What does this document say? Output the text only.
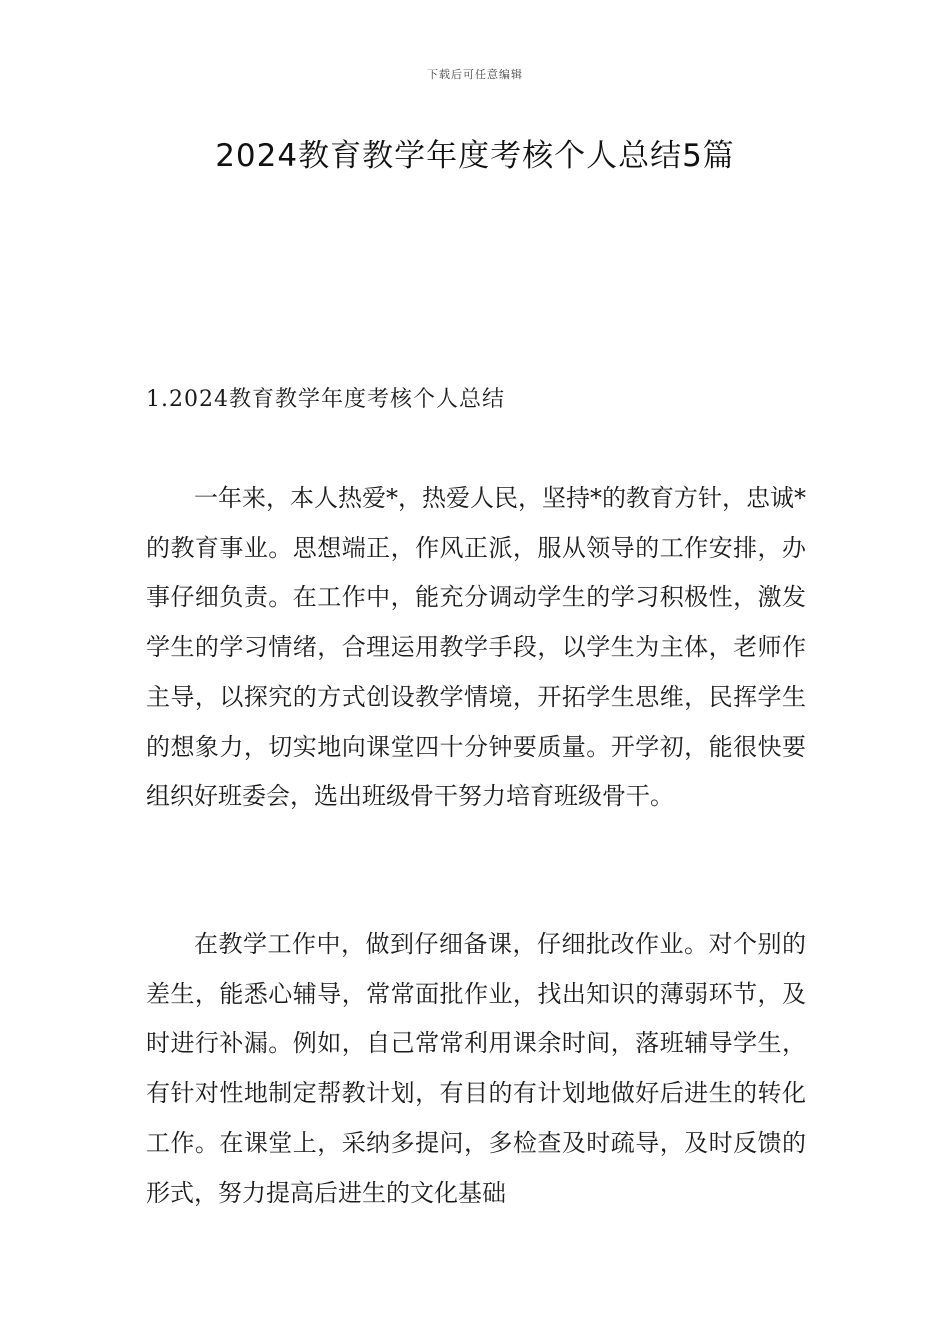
下载后可任意编辑
2024教育教学年度考核个人总结5篇
1.2024教育教学年度考核个人总结

一年来，本人热爱*，热爱人民，坚持*的教育方针，忠诚*的教育事业。思想端正，作风正派，服从领导的工作安排，办事仔细负责。在工作中，能充分调动学生的学习积极性，激发学生的学习情绪，合理运用教学手段，以学生为主体，老师作主导，以探究的方式创设教学情境，开拓学生思维，民挥学生的想象力，切实地向课堂四十分钟要质量。开学初，能很快要组织好班委会，选出班级骨干努力培育班级骨干。

在教学工作中，做到仔细备课，仔细批改作业。对个别的差生，能悉心辅导，常常面批作业，找出知识的薄弱环节，及时进行补漏。例如，自己常常利用课余时间，落班辅导学生，有针对性地制定帮教计划，有目的有计划地做好后进生的转化工作。在课堂上，采纳多提问，多检查及时疏导，及时反馈的形式，努力提高后进生的文化基础
